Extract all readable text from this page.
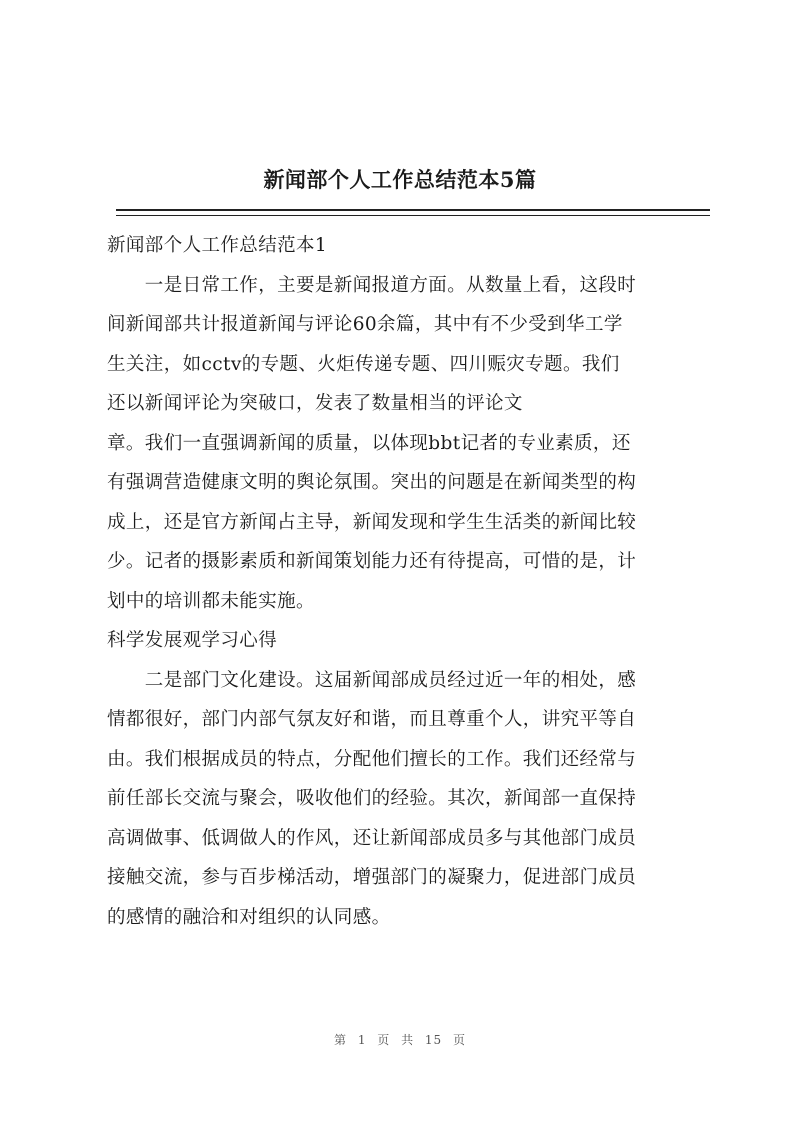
新闻部个人工作总结范本5篇
新闻部个人工作总结范本1
　　一是日常工作，主要是新闻报道方面。从数量上看，这段时
间新闻部共计报道新闻与评论60余篇，其中有不少受到华工学
生关注，如cctv的专题、火炬传递专题、四川赈灾专题。我们
还以新闻评论为突破口，发表了数量相当的评论文
章。我们一直强调新闻的质量，以体现bbt记者的专业素质，还
有强调营造健康文明的舆论氛围。突出的问题是在新闻类型的构
成上，还是官方新闻占主导，新闻发现和学生生活类的新闻比较
少。记者的摄影素质和新闻策划能力还有待提高，可惜的是，计
划中的培训都未能实施。
科学发展观学习心得
　　二是部门文化建设。这届新闻部成员经过近一年的相处，感
情都很好，部门内部气氛友好和谐，而且尊重个人，讲究平等自
由。我们根据成员的特点，分配他们擅长的工作。我们还经常与
前任部长交流与聚会，吸收他们的经验。其次，新闻部一直保持
高调做事、低调做人的作风，还让新闻部成员多与其他部门成员
接触交流，参与百步梯活动，增强部门的凝聚力，促进部门成员
的感情的融洽和对组织的认同感。
第 1 页 共 15 页
